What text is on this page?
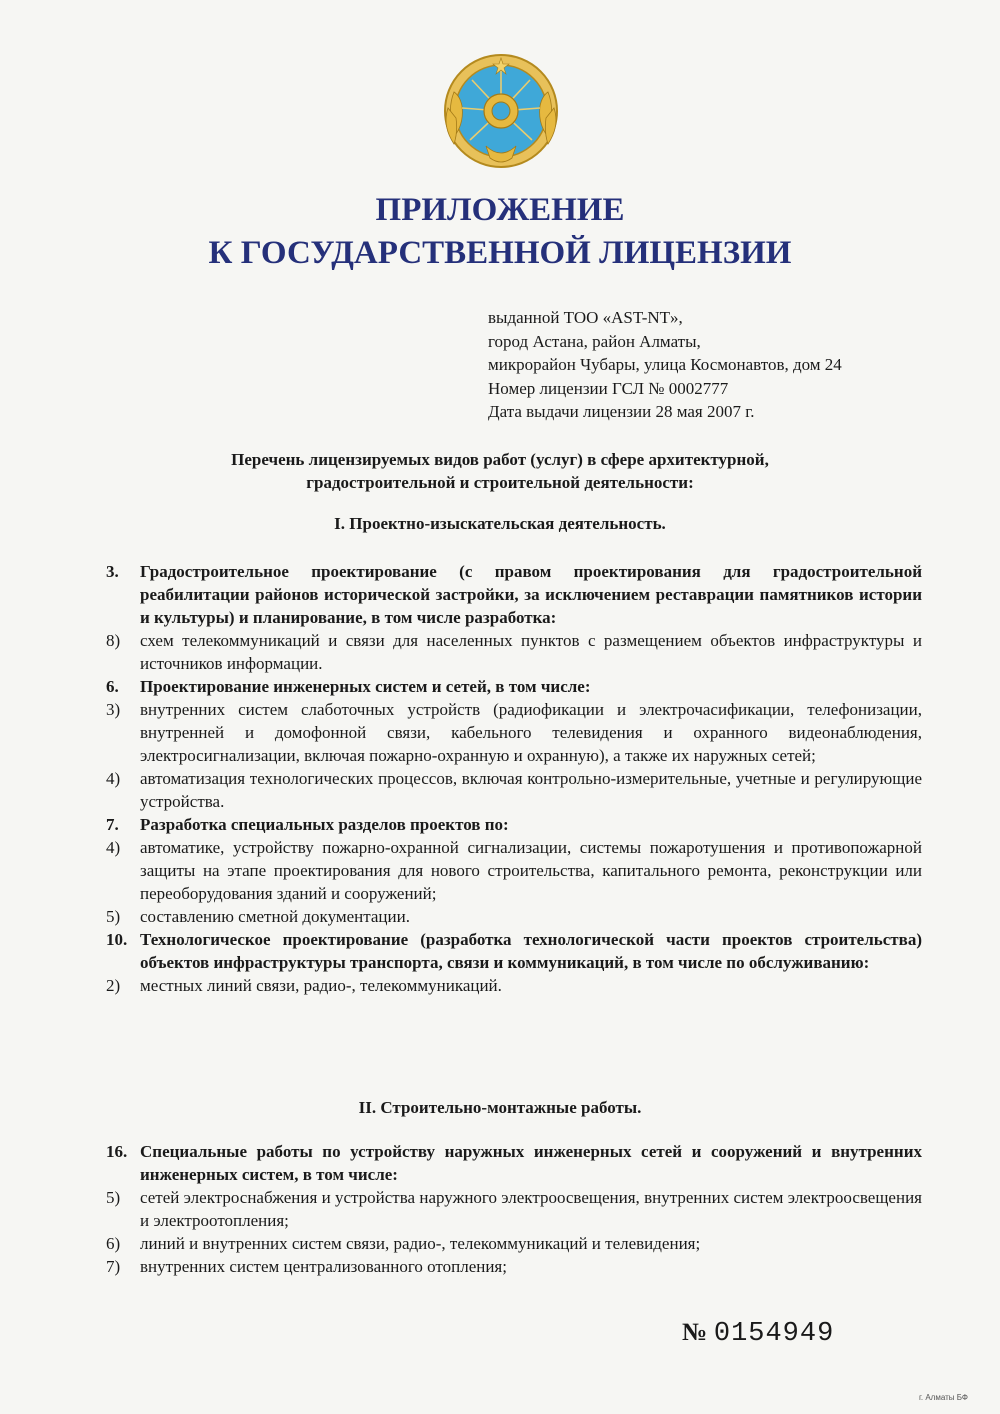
ПРИЛОЖЕНИЕ
К ГОСУДАРСТВЕННОЙ ЛИЦЕНЗИИ
выданной ТОО «AST-NT»,
город Астана, район Алматы,
микрорайон Чубары, улица Космонавтов, дом 24
Номер лицензии ГСЛ № 0002777
Дата выдачи лицензии 28 мая 2007 г.
Перечень лицензируемых видов работ (услуг) в сфере архитектурной,
градостроительной и строительной деятельности:
I. Проектно-изыскательская деятельность.
3.	Градостроительное проектирование (с правом проектирования для градостроительной реабилитации районов исторической застройки, за исключением реставрации памятников истории и культуры) и планирование, в том числе разработка:
8)	схем телекоммуникаций и связи для населенных пунктов с размещением объектов инфраструктуры и источников информации.
6.	Проектирование инженерных систем и сетей, в том числе:
3)	внутренних систем слаботочных устройств (радиофикации и электрочасификации, телефонизации, внутренней и домофонной связи, кабельного телевидения и охранного видеонаблюдения, электросигнализации, включая пожарно-охранную и охранную), а также их наружных сетей;
4)	автоматизация технологических процессов, включая контрольно-измерительные, учетные и регулирующие устройства.
7.	Разработка специальных разделов проектов по:
4)	автоматике, устройству пожарно-охранной сигнализации, системы пожаротушения и противопожарной защиты на этапе проектирования для нового строительства, капитального ремонта, реконструкции или переоборудования зданий и сооружений;
5)	составлению сметной документации.
10. Технологическое проектирование (разработка технологической части проектов строительства) объектов инфраструктуры транспорта, связи и коммуникаций, в том числе по обслуживанию:
2)	местных линий связи, радио-, телекоммуникаций.
II. Строительно-монтажные работы.
16. Специальные работы по устройству наружных инженерных сетей и сооружений и внутренних инженерных систем, в том числе:
5)	сетей электроснабжения и устройства наружного электроосвещения, внутренних систем электроосвещения и электроотопления;
6)	линий и внутренних систем связи, радио-, телекоммуникаций и телевидения;
7)	внутренних систем централизованного отопления;
№ 0154949
г. Алматы БФ
